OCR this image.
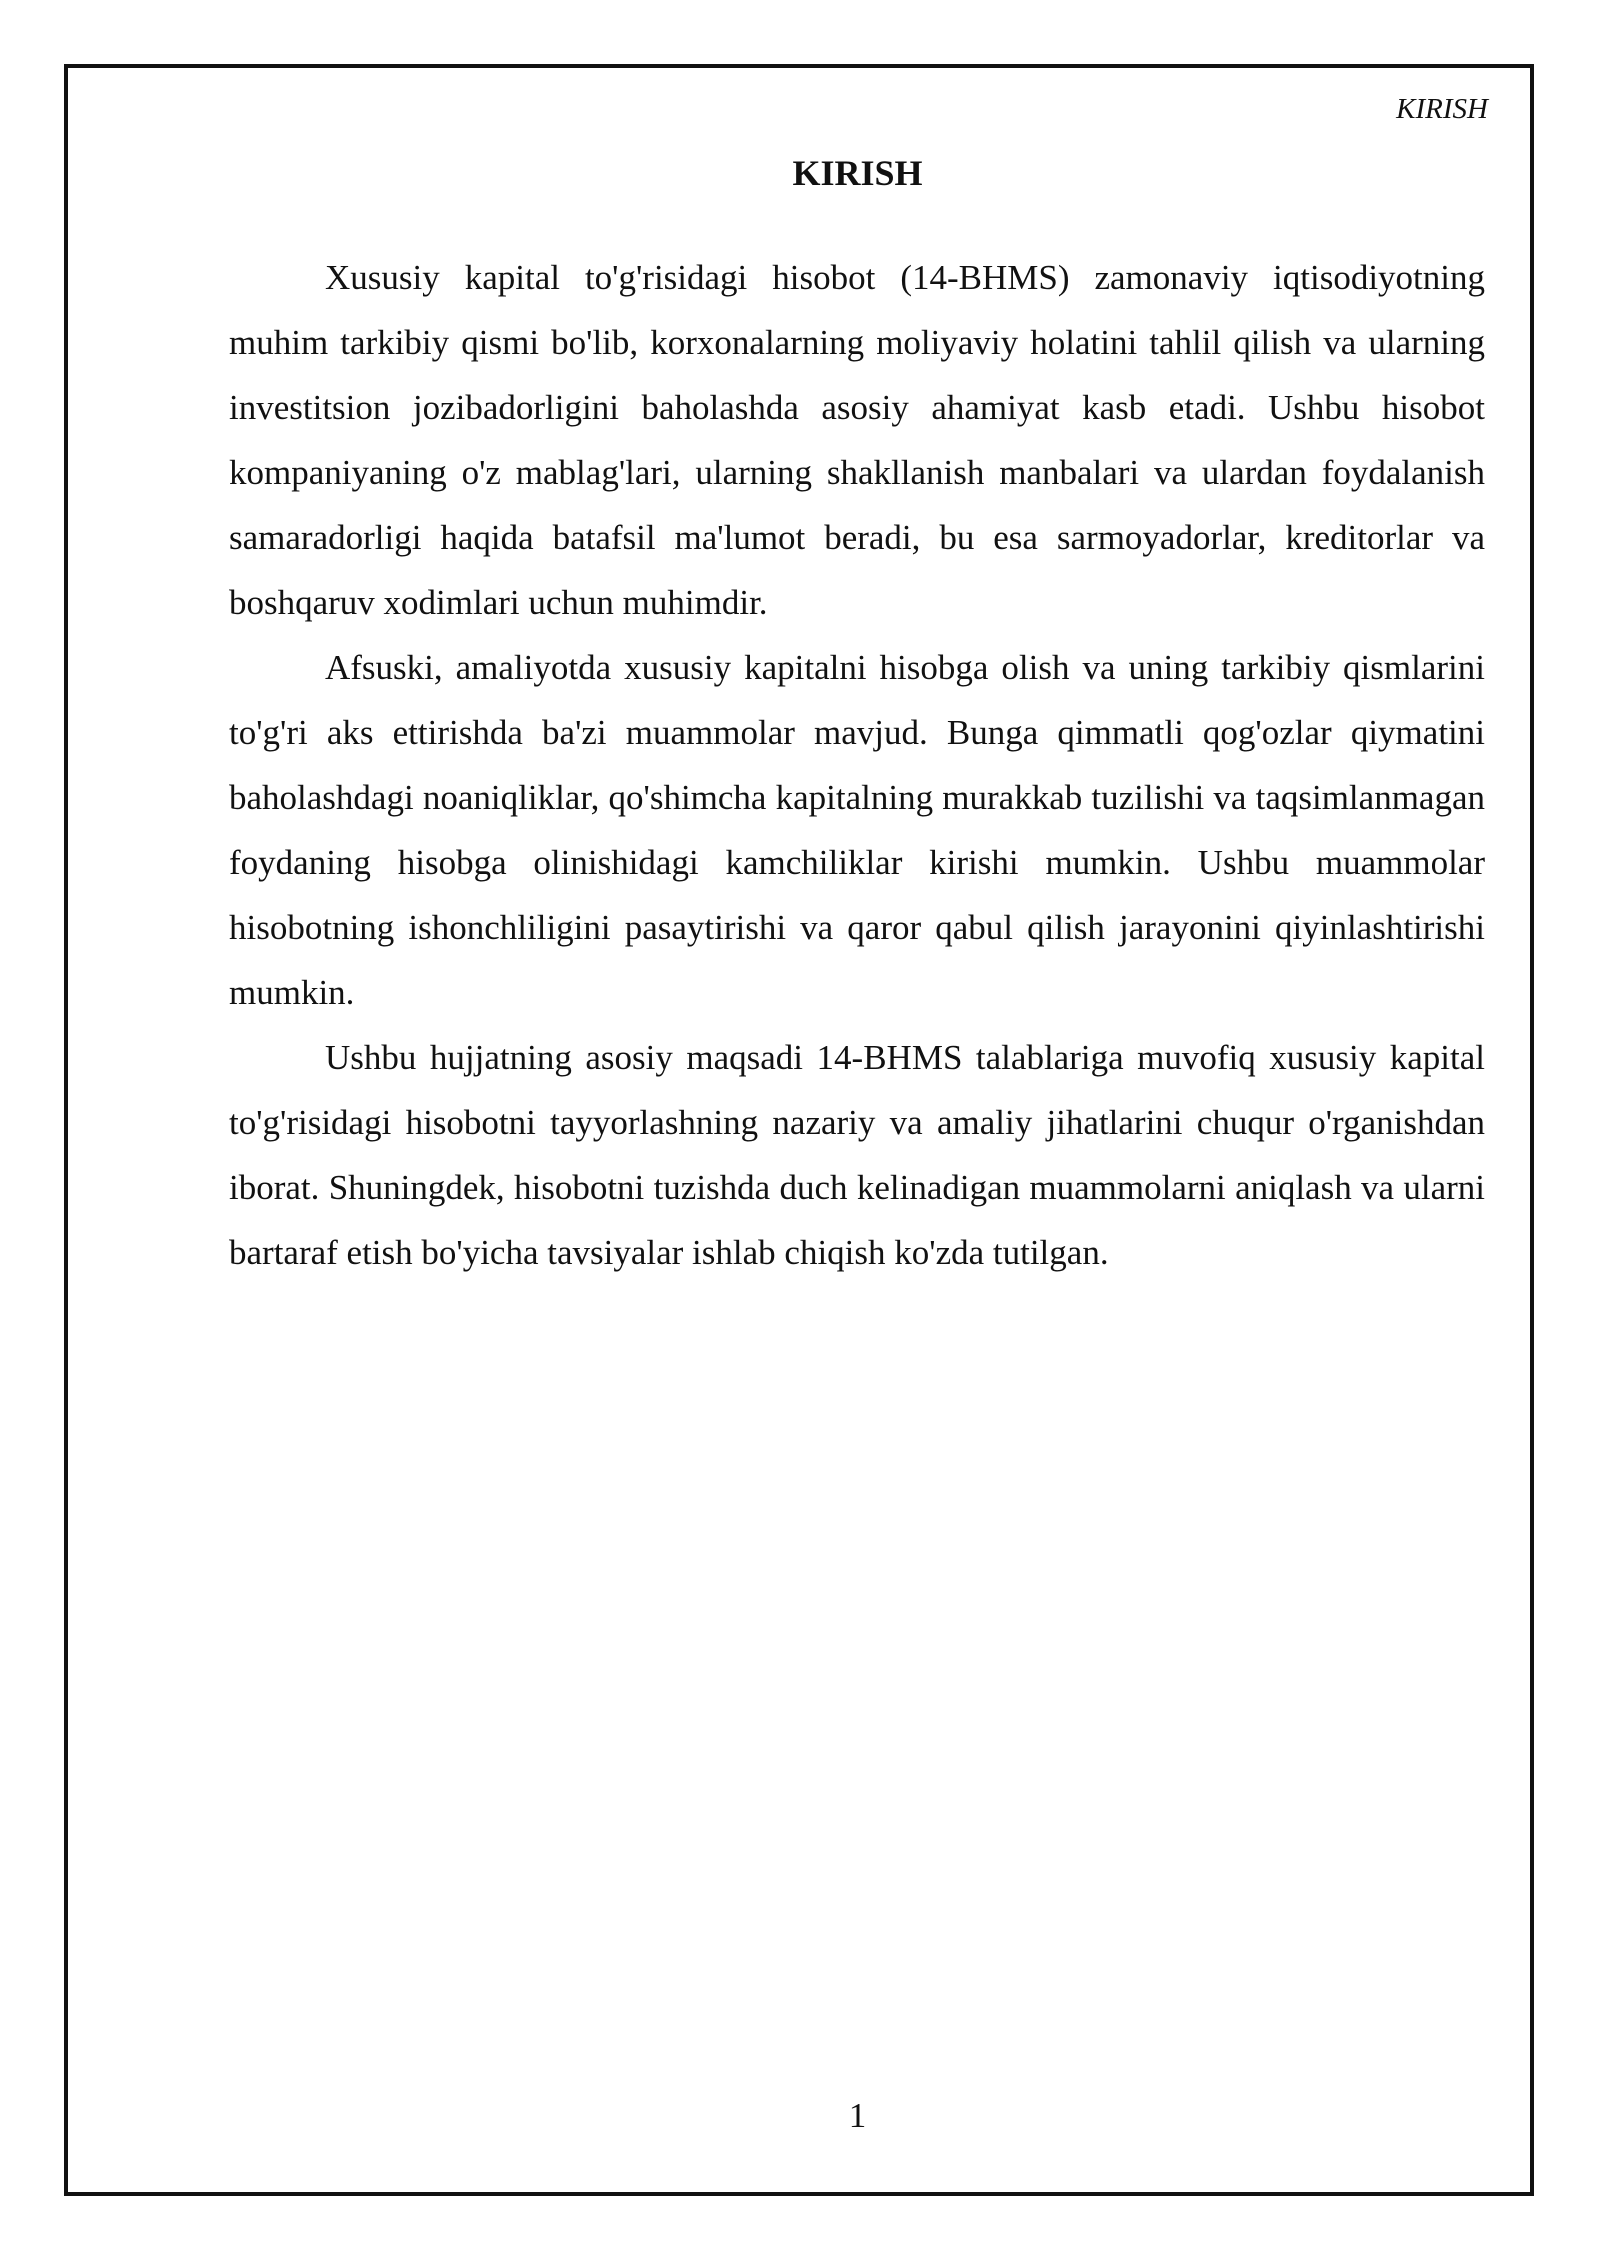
KIRISH
KIRISH

Xususiy kapital to'g'risidagi hisobot (14-BHMS) zamonaviy iqtisodiyotning muhim tarkibiy qismi bo'lib, korxonalarning moliyaviy holatini tahlil qilish va ularning investitsion jozibadorligini baholashda asosiy ahamiyat kasb etadi. Ushbu hisobot kompaniyaning o'z mablag'lari, ularning shakllanish manbalari va ulardan foydalanish samaradorligi haqida batafsil ma'lumot beradi, bu esa sarmoyadorlar, kreditorlar va boshqaruv xodimlari uchun muhimdir.

Afsuski, amaliyotda xususiy kapitalni hisobga olish va uning tarkibiy qismlarini to'g'ri aks ettirishda ba'zi muammolar mavjud. Bunga qimmatli qog'ozlar qiymatini baholashdagi noaniqliklar, qo'shimcha kapitalning murakkab tuzilishi va taqsimlanmagan foydaning hisobga olinishidagi kamchiliklar kirishi mumkin. Ushbu muammolar hisobotning ishonchliligini pasaytirishi va qaror qabul qilish jarayonini qiyinlashtirishi mumkin.

Ushbu hujjatning asosiy maqsadi 14-BHMS talablariga muvofiq xususiy kapital to'g'risidagi hisobotni tayyorlashning nazariy va amaliy jihatlarini chuqur o'rganishdan iborat. Shuningdek, hisobotni tuzishda duch kelinadigan muammolarni aniqlash va ularni bartaraf etish bo'yicha tavsiyalar ishlab chiqish ko'zda tutilgan.

1
